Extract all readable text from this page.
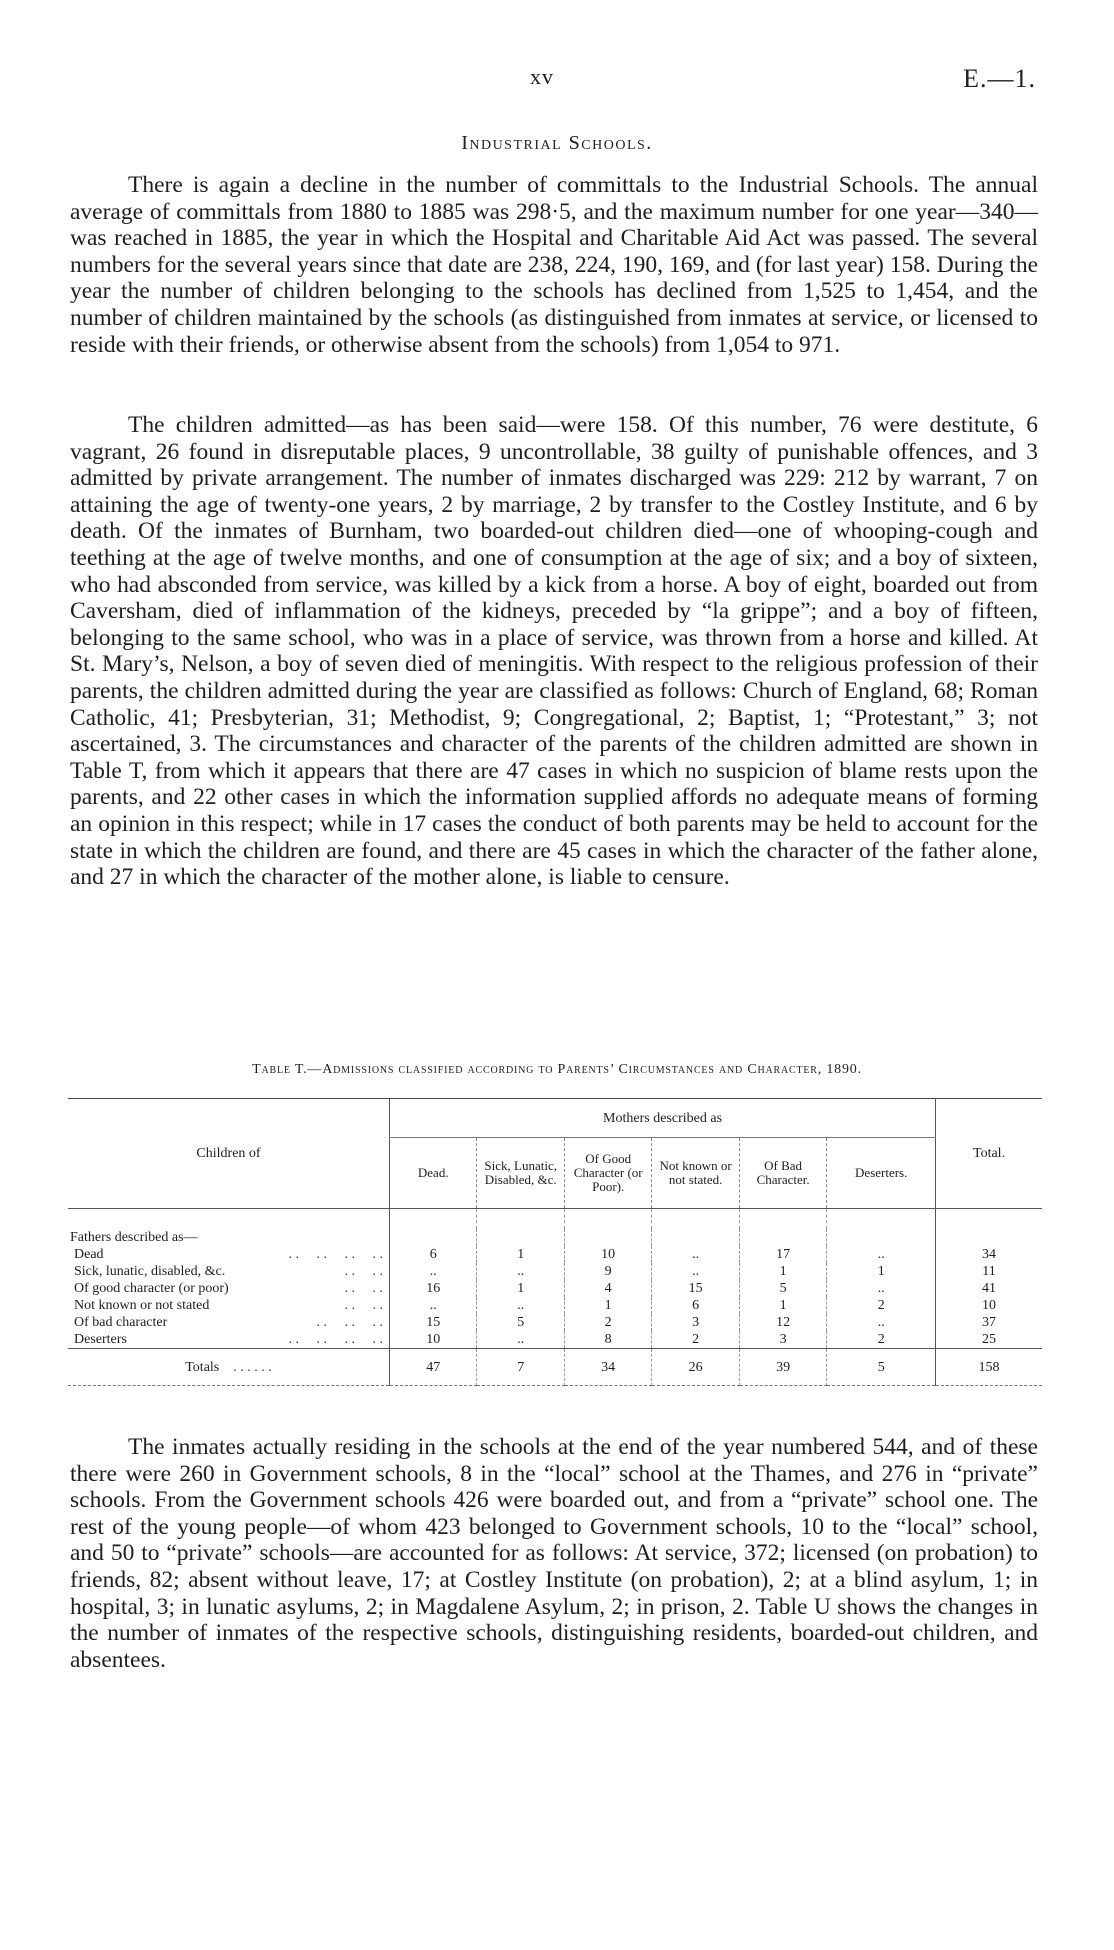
xv	E.—1.
Industrial Schools.

There is again a decline in the number of committals to the Industrial Schools. The annual average of committals from 1880 to 1885 was 298·5, and the maximum number for one year—340—was reached in 1885, the year in which the Hospital and Charitable Aid Act was passed. The several numbers for the several years since that date are 238, 224, 190, 169, and (for last year) 158. During the year the number of children belonging to the schools has declined from 1,525 to 1,454, and the number of children maintained by the schools (as distinguished from inmates at service, or licensed to reside with their friends, or otherwise absent from the schools) from 1,054 to 971.

The children admitted—as has been said—were 158. Of this number, 76 were destitute, 6 vagrant, 26 found in disreputable places, 9 uncontrollable, 38 guilty of punishable offences, and 3 admitted by private arrangement. The number of inmates discharged was 229: 212 by warrant, 7 on attaining the age of twenty-one years, 2 by marriage, 2 by transfer to the Costley Institute, and 6 by death. Of the inmates of Burnham, two boarded-out children died—one of whooping-cough and teething at the age of twelve months, and one of consumption at the age of six; and a boy of sixteen, who had absconded from service, was killed by a kick from a horse. A boy of eight, boarded out from Caversham, died of inflammation of the kidneys, preceded by “la grippe”; and a boy of fifteen, belonging to the same school, who was in a place of service, was thrown from a horse and killed. At St. Mary’s, Nelson, a boy of seven died of meningitis. With respect to the religious profession of their parents, the children admitted during the year are classified as follows: Church of England, 68; Roman Catholic, 41; Presbyterian, 31; Methodist, 9; Congregational, 2; Baptist, 1; “Protestant,” 3; not ascertained, 3. The circumstances and character of the parents of the children admitted are shown in Table T, from which it appears that there are 47 cases in which no suspicion of blame rests upon the parents, and 22 other cases in which the information supplied affords no adequate means of forming an opinion in this respect; while in 17 cases the conduct of both parents may be held to account for the state in which the children are found, and there are 45 cases in which the character of the father alone, and 27 in which the character of the mother alone, is liable to censure.

Table T.—Admissions classified according to Parents’ Circumstances and Character, 1890.
Children of	Mothers described as						Total.
	Dead.	Sick, Lunatic, Disabled, &c.	Of Good Character (or Poor).	Not known or not stated.	Of Bad Character.	Deserters.	

Fathers described as—							
Dead . .     . .     . .     . .	6	1	10	..	17	..	34
Sick, lunatic, disabled, &c. . .     . .	..	..	9	..	1	1	11
Of good character (or poor) . .     . .	16	1	4	15	5	..	41
Not known or not stated . .     . .	..	..	1	6	1	2	10
Of bad character . .     . .     . .	15	5	2	3	12	..	37
Deserters . .     . .     . .     . .	10	..	8	2	3	2	25
Totals . . . . . .	47	7	34	26	39	5	158

The inmates actually residing in the schools at the end of the year numbered 544, and of these there were 260 in Government schools, 8 in the “local” school at the Thames, and 276 in “private” schools. From the Government schools 426 were boarded out, and from a “private” school one. The rest of the young people—of whom 423 belonged to Government schools, 10 to the “local” school, and 50 to “private” schools—are accounted for as follows: At service, 372; licensed (on probation) to friends, 82; absent without leave, 17; at Costley Institute (on probation), 2; at a blind asylum, 1; in hospital, 3; in lunatic asylums, 2; in Magdalene Asylum, 2; in prison, 2. Table U shows the changes in the number of inmates of the respective schools, distinguishing residents, boarded-out children, and absentees.
